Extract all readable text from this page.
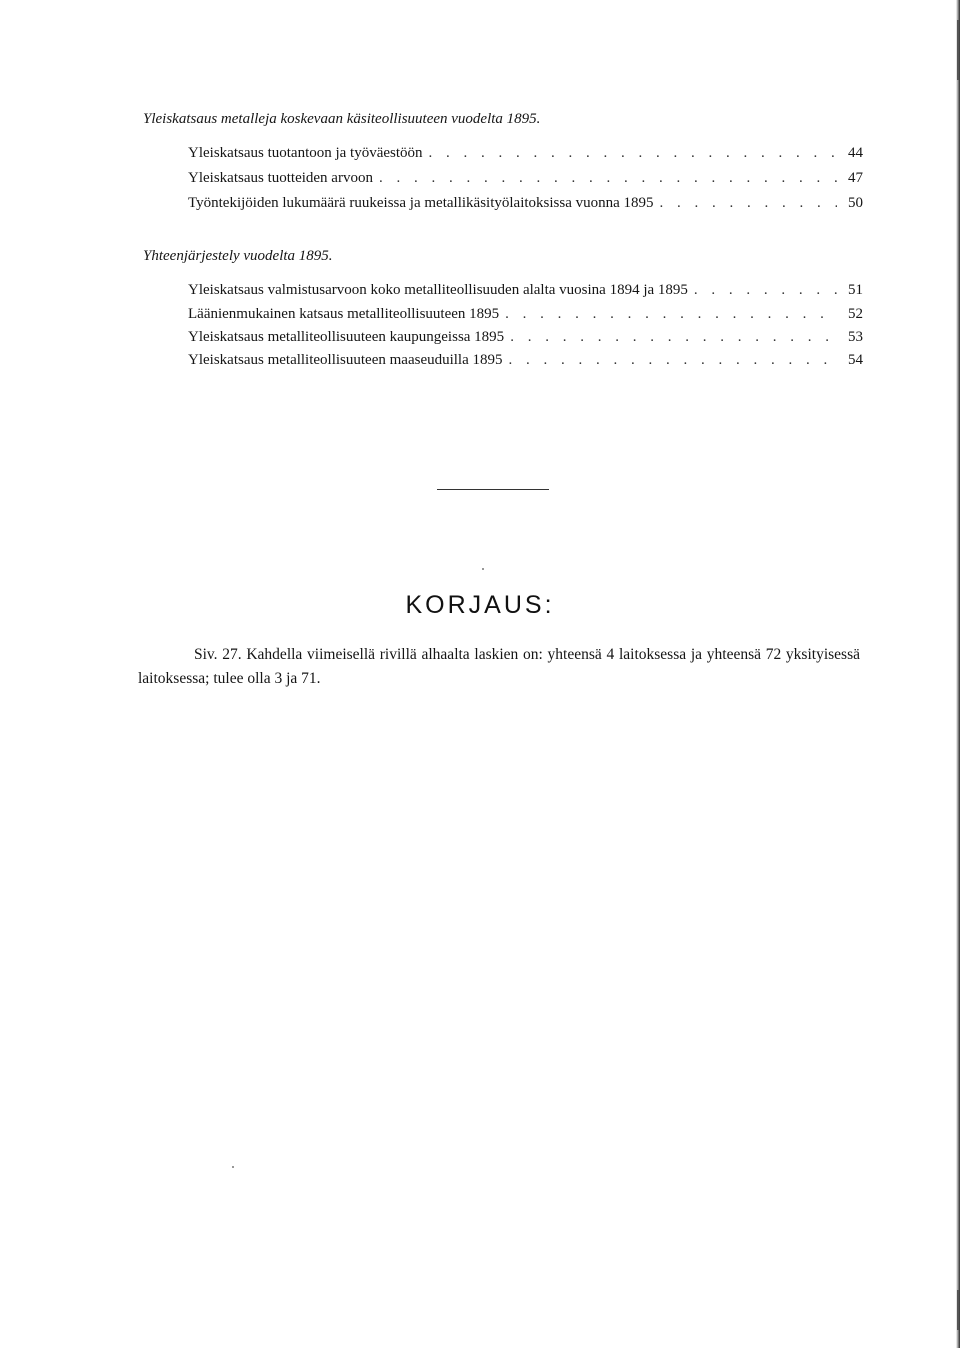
Yleiskatsaus metalleja koskevaan käsiteollisuuteen vuodelta 1895.
Yleiskatsaus tuotantoon ja työväestöön . . .	44
Yleiskatsaus tuotteiden arvoon . . .	47
Työntekijöiden lukumäärä ruukeissa ja metallikäsityölaitoksissa vuonna 1895 . . .	50
Yhteenjärjestely vuodelta 1895.
Yleiskatsaus valmistusarvoon koko metalliteollisuuden alalta vuosina 1894 ja 1895 . . .	51
Läänienmukainen katsaus metalliteollisuuteen 1895 . . .	52
Yleiskatsaus metalliteollisuuteen kaupungeissa 1895 . . .	53
Yleiskatsaus metalliteollisuuteen maaseuduilla 1895 . . .	54
KORJAUS:

Siv. 27. Kahdella viimeisellä rivillä alhaalta laskien on: yhteensä 4 laitoksessa ja yhteensä 72 yksityisessä laitoksessa; tulee olla 3 ja 71.
